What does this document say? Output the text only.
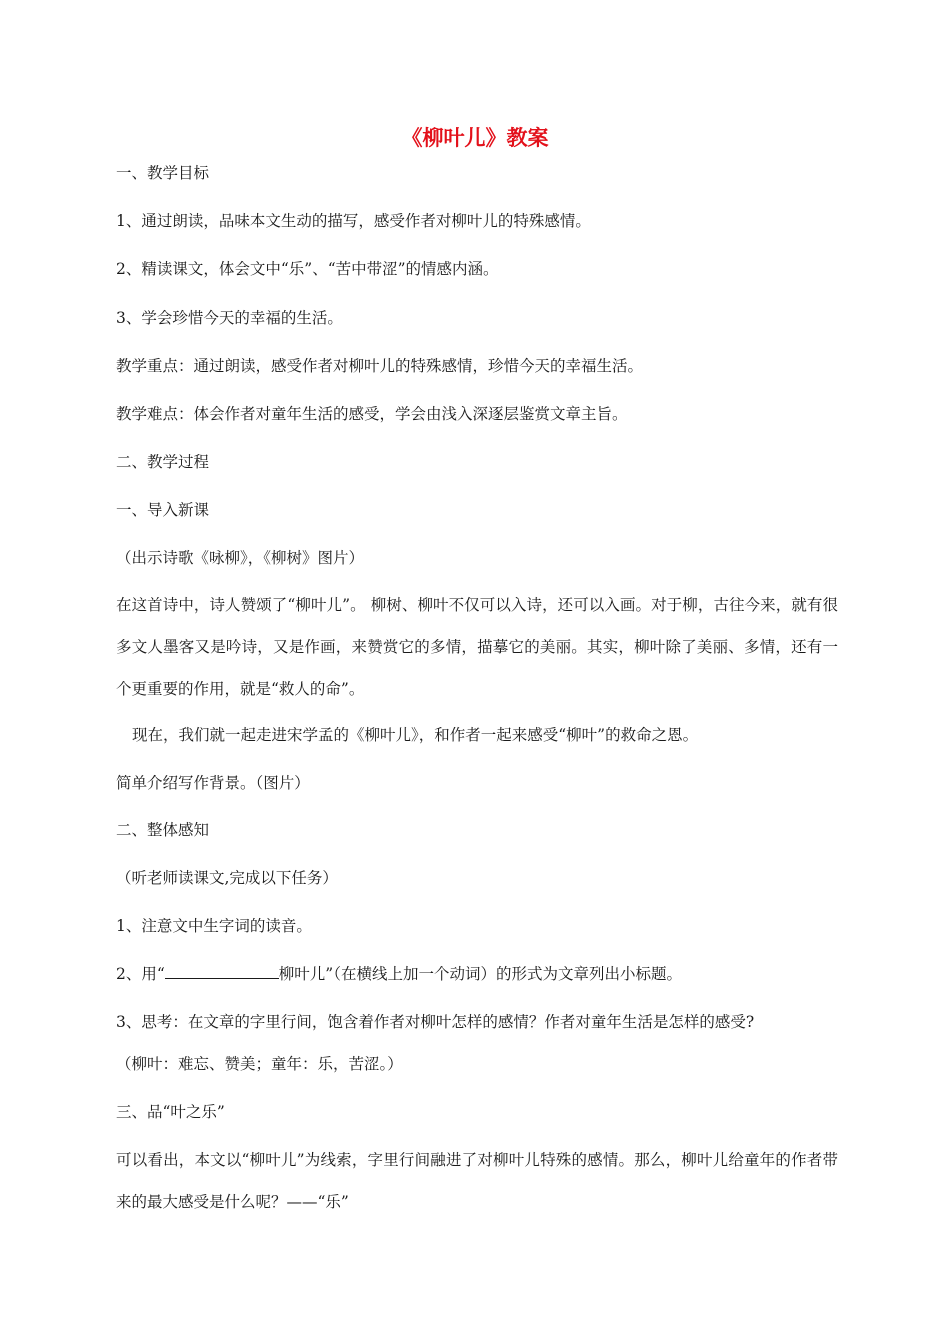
《柳叶儿》教案
一、教学目标
1、通过朗读，品味本文生动的描写，感受作者对柳叶儿的特殊感情。
2、精读课文，体会文中“乐”、“苦中带涩”的情感内涵。
3、学会珍惜今天的幸福的生活。
教学重点：通过朗读，感受作者对柳叶儿的特殊感情，珍惜今天的幸福生活。
教学难点：体会作者对童年生活的感受，学会由浅入深逐层鉴赏文章主旨。
二、教学过程
一、导入新课
（出示诗歌《咏柳》，《柳树》图片）
在这首诗中，诗人赞颂了“柳叶儿”。 柳树、柳叶不仅可以入诗，还可以入画。对于柳，古往今来，就有很多文人墨客又是吟诗，又是作画，来赞赏它的多情，描摹它的美丽。其实，柳叶除了美丽、多情，还有一个更重要的作用，就是“救人的命”。
现在，我们就一起走进宋学孟的《柳叶儿》，和作者一起来感受“柳叶”的救命之恩。
简单介绍写作背景。（图片）
二、整体感知
（听老师读课文,完成以下任务）
1、注意文中生字词的读音。
2、用“	柳叶儿”（在横线上加一个动词）的形式为文章列出小标题。
3、思考：在文章的字里行间，饱含着作者对柳叶怎样的感情？作者对童年生活是怎样的感受?
（柳叶：难忘、赞美；童年：乐，苦涩。）
三、品“叶之乐”
可以看出，本文以“柳叶儿”为线索，字里行间融进了对柳叶儿特殊的感情。那么，柳叶儿给童年的作者带来的最大感受是什么呢？——“乐”
